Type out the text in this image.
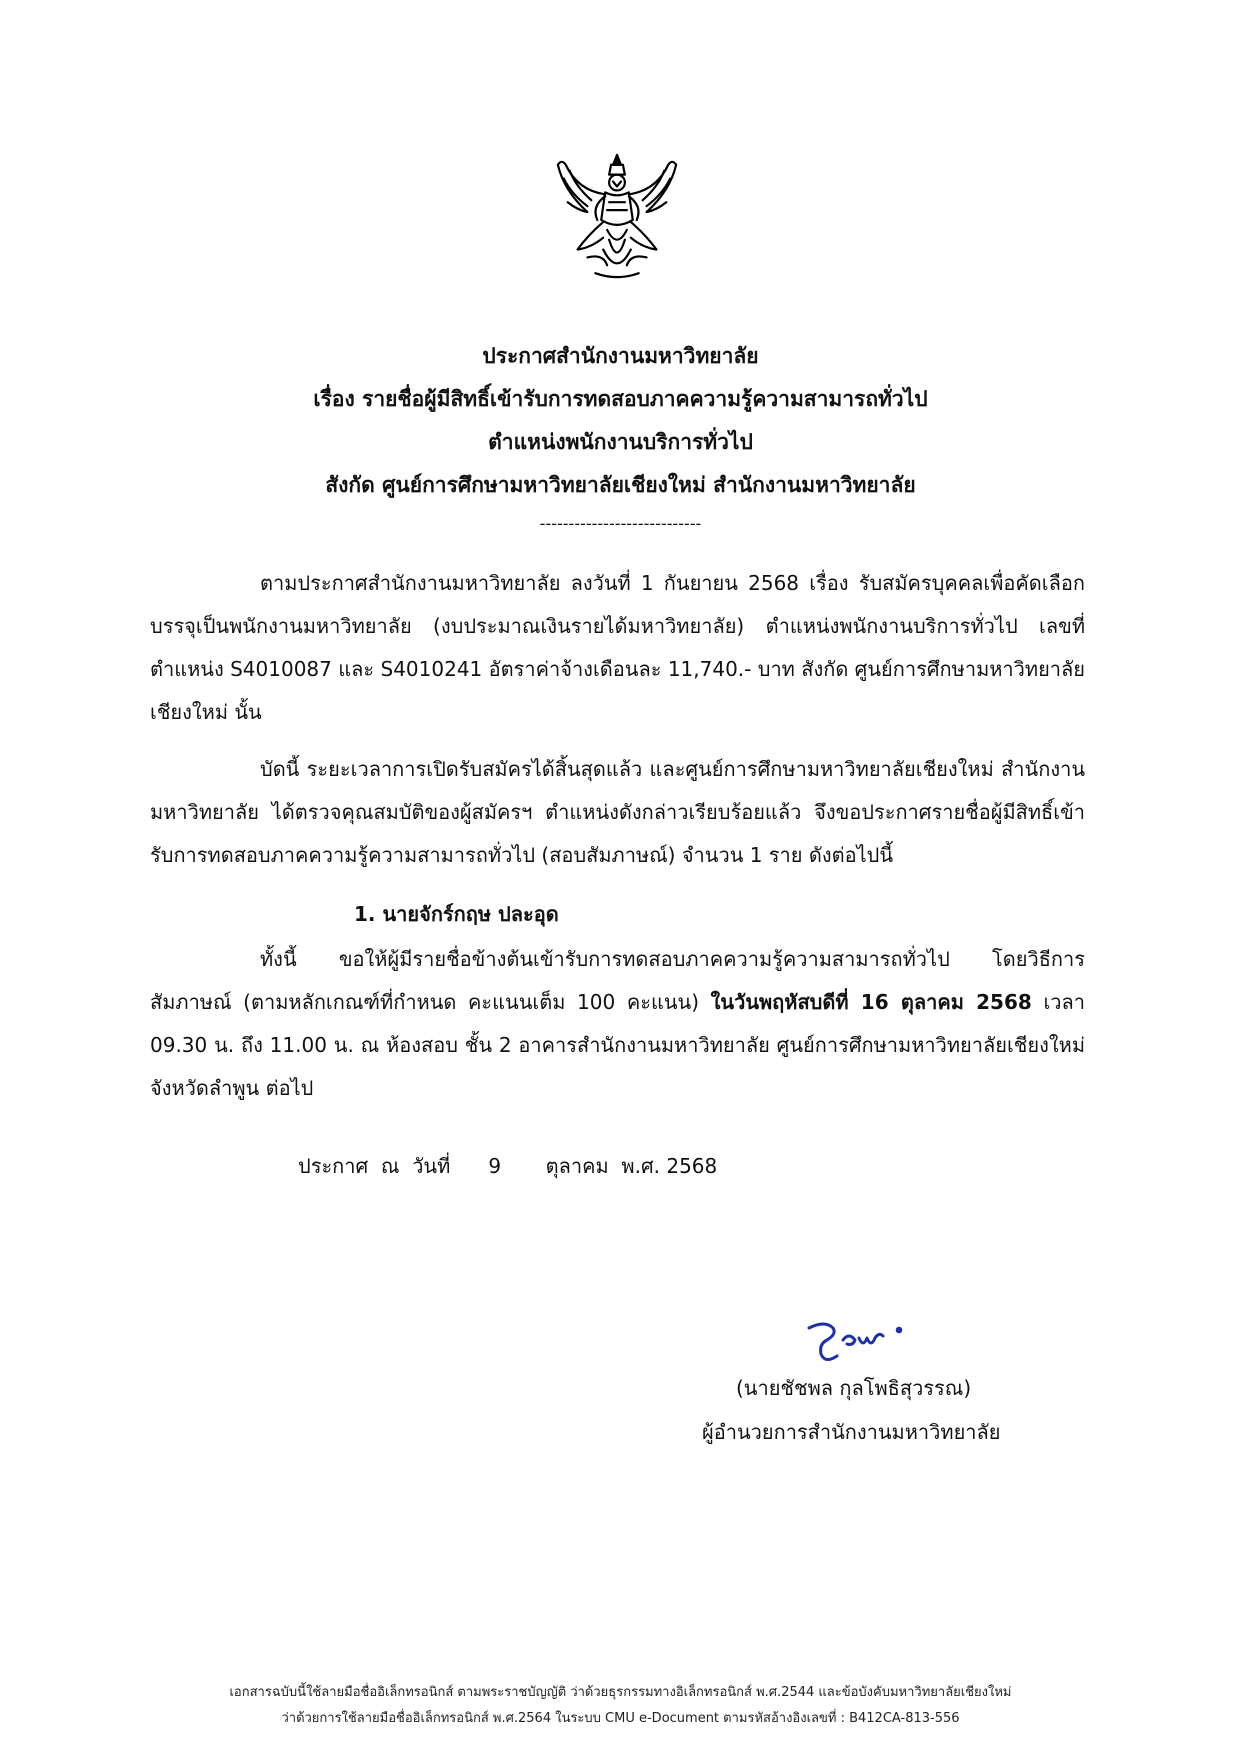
ประกาศสำนักงานมหาวิทยาลัย
เรื่อง รายชื่อผู้มีสิทธิ์เข้ารับการทดสอบภาคความรู้ความสามารถทั่วไป
ตำแหน่งพนักงานบริการทั่วไป
สังกัด ศูนย์การศึกษามหาวิทยาลัยเชียงใหม่ สำนักงานมหาวิทยาลัย
----------------------------
ตามประกาศสำนักงานมหาวิทยาลัย ลงวันที่ 1 กันยายน 2568 เรื่อง รับสมัครบุคคลเพื่อคัดเลือกบรรจุเป็นพนักงานมหาวิทยาลัย (งบประมาณเงินรายได้มหาวิทยาลัย) ตำแหน่งพนักงานบริการทั่วไป เลขที่ตำแหน่ง S4010087 และ S4010241 อัตราค่าจ้างเดือนละ 11,740.- บาท สังกัด ศูนย์การศึกษามหาวิทยาลัยเชียงใหม่ นั้น
บัดนี้ ระยะเวลาการเปิดรับสมัครได้สิ้นสุดแล้ว และศูนย์การศึกษามหาวิทยาลัยเชียงใหม่ สำนักงานมหาวิทยาลัย ได้ตรวจคุณสมบัติของผู้สมัครฯ ตำแหน่งดังกล่าวเรียบร้อยแล้ว จึงขอประกาศรายชื่อผู้มีสิทธิ์เข้ารับการทดสอบภาคความรู้ความสามารถทั่วไป (สอบสัมภาษณ์) จำนวน 1 ราย ดังต่อไปนี้
1. นายจักร์กฤษ ปละอุด
ทั้งนี้ ขอให้ผู้มีรายชื่อข้างต้นเข้ารับการทดสอบภาคความรู้ความสามารถทั่วไป โดยวิธีการสัมภาษณ์ (ตามหลักเกณฑ์ที่กำหนด คะแนนเต็ม 100 คะแนน) ในวันพฤหัสบดีที่ 16 ตุลาคม 2568 เวลา 09.30 น. ถึง 11.00 น. ณ ห้องสอบ ชั้น 2 อาคารสำนักงานมหาวิทยาลัย ศูนย์การศึกษามหาวิทยาลัยเชียงใหม่ จังหวัดลำพูน ต่อไป
ประกาศ  ณ  วันที่      9       ตุลาคม  พ.ศ. 2568
(นายชัชพล กุลโพธิสุวรรณ)
ผู้อำนวยการสำนักงานมหาวิทยาลัย
เอกสารฉบับนี้ใช้ลายมือชื่ออิเล็กทรอนิกส์ ตามพระราชบัญญัติ ว่าด้วยธุรกรรมทางอิเล็กทรอนิกส์ พ.ศ.2544 และข้อบังคับมหาวิทยาลัยเชียงใหม่
ว่าด้วยการใช้ลายมือชื่ออิเล็กทรอนิกส์ พ.ศ.2564 ในระบบ CMU e-Document ตามรหัสอ้างอิงเลขที่ : B412CA-813-556
